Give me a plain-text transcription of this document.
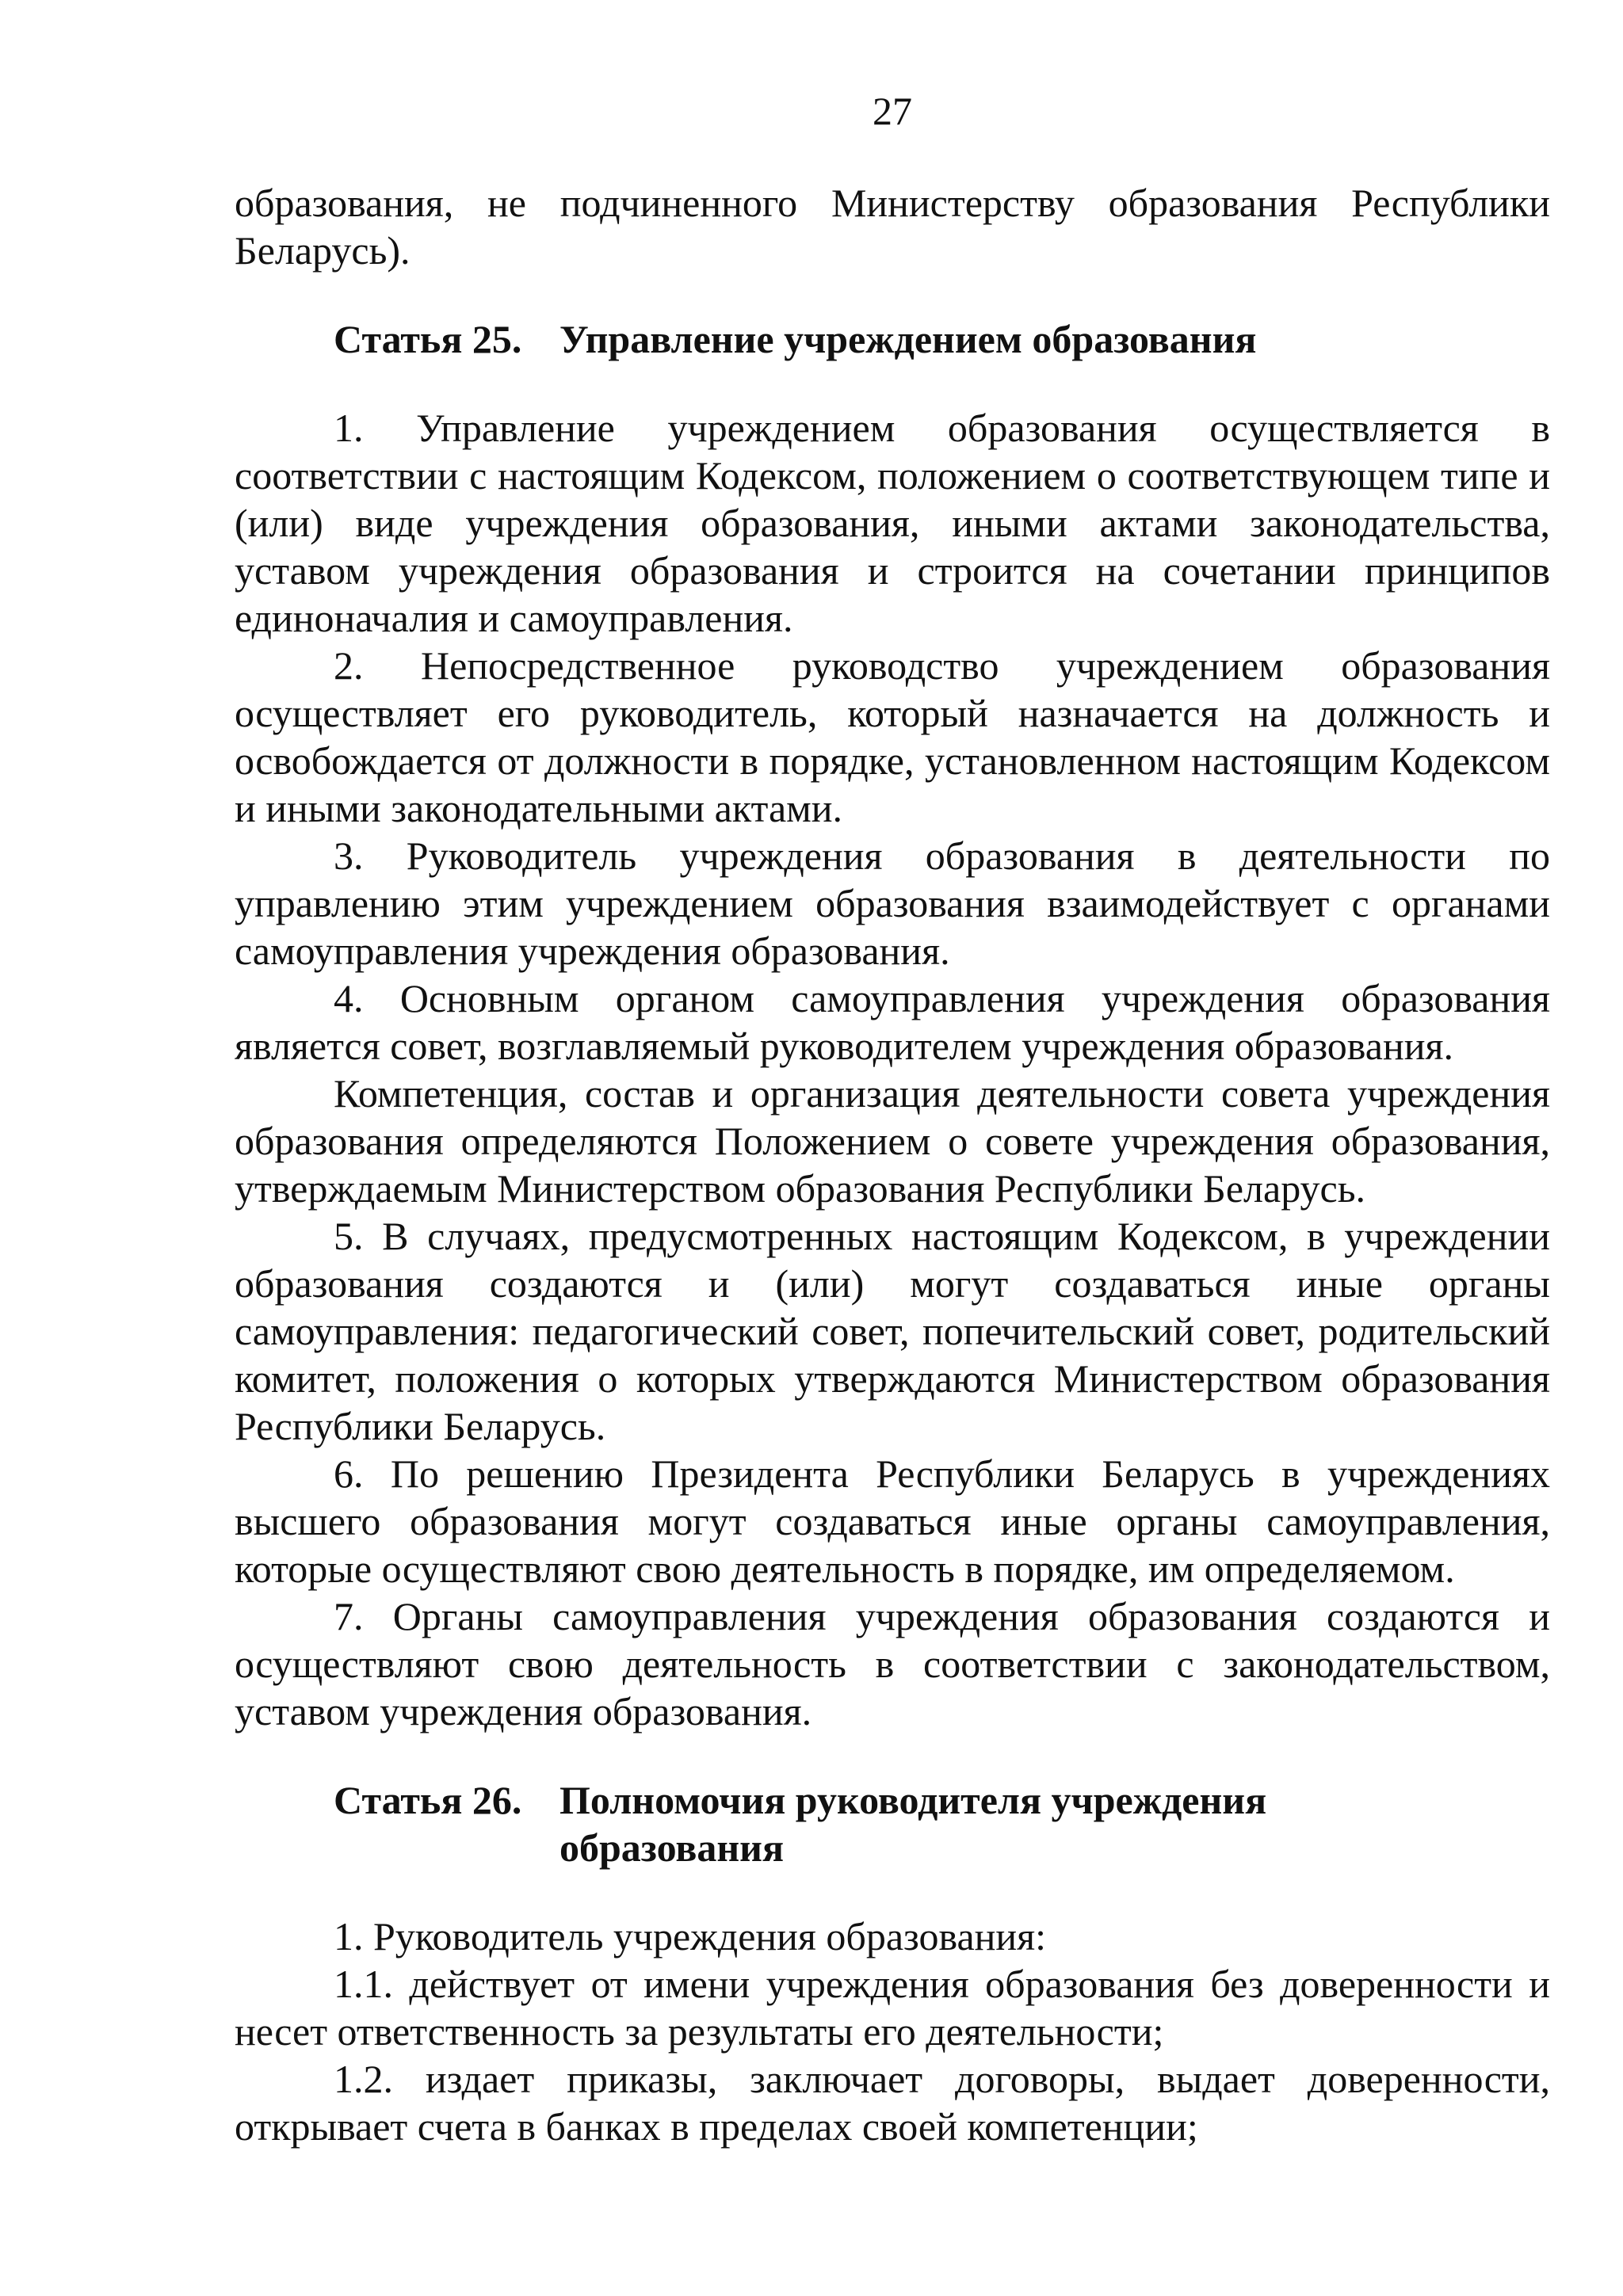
27

образования, не подчиненного Министерству образования Республики Беларусь).

Статья 25. Управление учреждением образования

1. Управление учреждением образования осуществляется в соответствии с настоящим Кодексом, положением о соответствующем типе и (или) виде учреждения образования, иными актами законодательства, уставом учреждения образования и строится на сочетании принципов единоначалия и самоуправления.

2. Непосредственное руководство учреждением образования осуществляет его руководитель, который назначается на должность и освобождается от должности в порядке, установленном настоящим Кодексом и иными законодательными актами.

3. Руководитель учреждения образования в деятельности по управлению этим учреждением образования взаимодействует с органами самоуправления учреждения образования.

4. Основным органом самоуправления учреждения образования является совет, возглавляемый руководителем учреждения образования.

Компетенция, состав и организация деятельности совета учреждения образования определяются Положением о совете учреждения образования, утверждаемым Министерством образования Республики Беларусь.

5. В случаях, предусмотренных настоящим Кодексом, в учреждении образования создаются и (или) могут создаваться иные органы самоуправления: педагогический совет, попечительский совет, родительский комитет, положения о которых утверждаются Министерством образования Республики Беларусь.

6. По решению Президента Республики Беларусь в учреждениях высшего образования могут создаваться иные органы самоуправления, которые осуществляют свою деятельность в порядке, им определяемом.

7. Органы самоуправления учреждения образования создаются и осуществляют свою деятельность в соответствии с законодательством, уставом учреждения образования.

Статья 26. Полномочия руководителя учреждения
образования

1. Руководитель учреждения образования:

1.1. действует от имени учреждения образования без доверенности и несет ответственность за результаты его деятельности;

1.2. издает приказы, заключает договоры, выдает доверенности, открывает счета в банках в пределах своей компетенции;
